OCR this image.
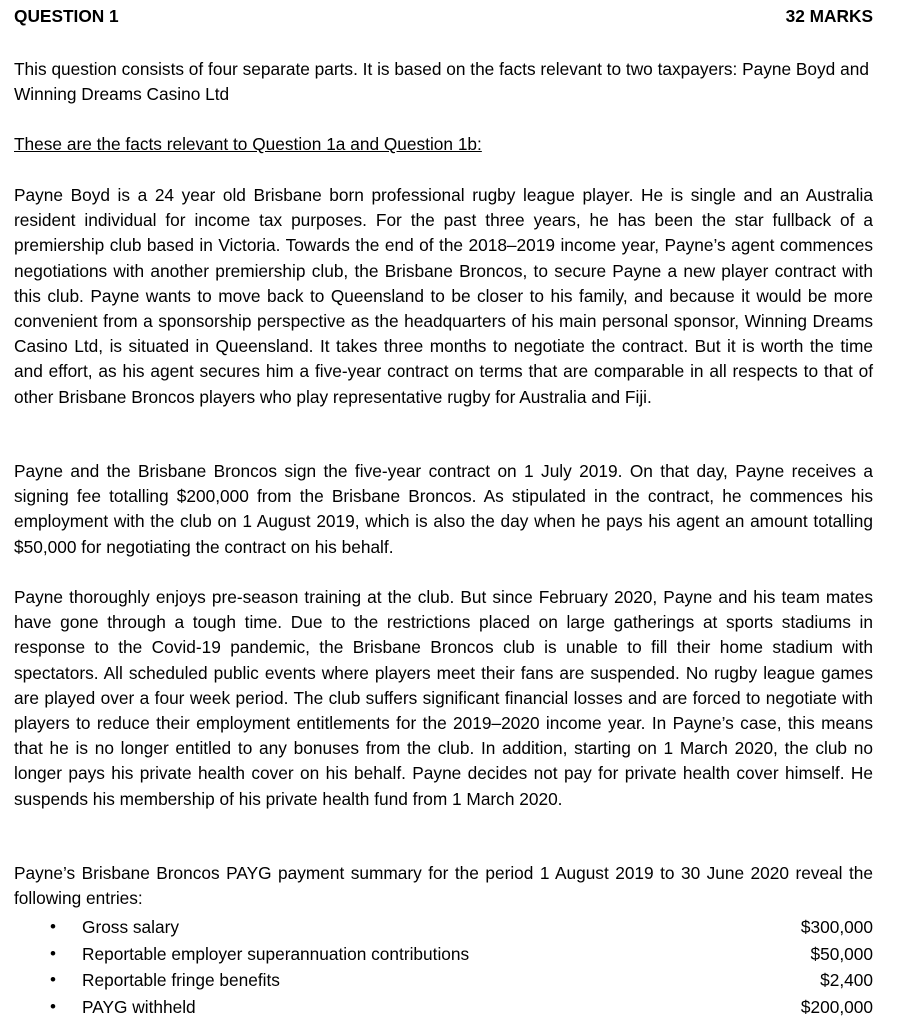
QUESTION 1	32 MARKS

This question consists of four separate parts. It is based on the facts relevant to two taxpayers: Payne Boyd and Winning Dreams Casino Ltd

These are the facts relevant to Question 1a and Question 1b:

Payne Boyd is a 24 year old Brisbane born professional rugby league player. He is single and an Australia resident individual for income tax purposes. For the past three years, he has been the star fullback of a premiership club based in Victoria. Towards the end of the 2018–2019 income year, Payne’s agent commences negotiations with another premiership club, the Brisbane Broncos, to secure Payne a new player contract with this club. Payne wants to move back to Queensland to be closer to his family, and because it would be more convenient from a sponsorship perspective as the headquarters of his main personal sponsor, Winning Dreams Casino Ltd, is situated in Queensland. It takes three months to negotiate the contract. But it is worth the time and effort, as his agent secures him a five-year contract on terms that are comparable in all respects to that of other Brisbane Broncos players who play representative rugby for Australia and Fiji.

Payne and the Brisbane Broncos sign the five-year contract on 1 July 2019. On that day, Payne receives a signing fee totalling $200,000 from the Brisbane Broncos. As stipulated in the contract, he commences his employment with the club on 1 August 2019, which is also the day when he pays his agent an amount totalling $50,000 for negotiating the contract on his behalf.

Payne thoroughly enjoys pre-season training at the club. But since February 2020, Payne and his team mates have gone through a tough time. Due to the restrictions placed on large gatherings at sports stadiums in response to the Covid-19 pandemic, the Brisbane Broncos club is unable to fill their home stadium with spectators. All scheduled public events where players meet their fans are suspended. No rugby league games are played over a four week period. The club suffers significant financial losses and are forced to negotiate with players to reduce their employment entitlements for the 2019–2020 income year. In Payne’s case, this means that he is no longer entitled to any bonuses from the club. In addition, starting on 1 March 2020, the club no longer pays his private health cover on his behalf. Payne decides not pay for private health cover himself. He suspends his membership of his private health fund from 1 March 2020.

Payne’s Brisbane Broncos PAYG payment summary for the period 1 August 2019 to 30 June 2020 reveal the following entries:

•	Gross salary	$300,000
•	Reportable employer superannuation contributions	$50,000
•	Reportable fringe benefits	$2,400
•	PAYG withheld	$200,000
